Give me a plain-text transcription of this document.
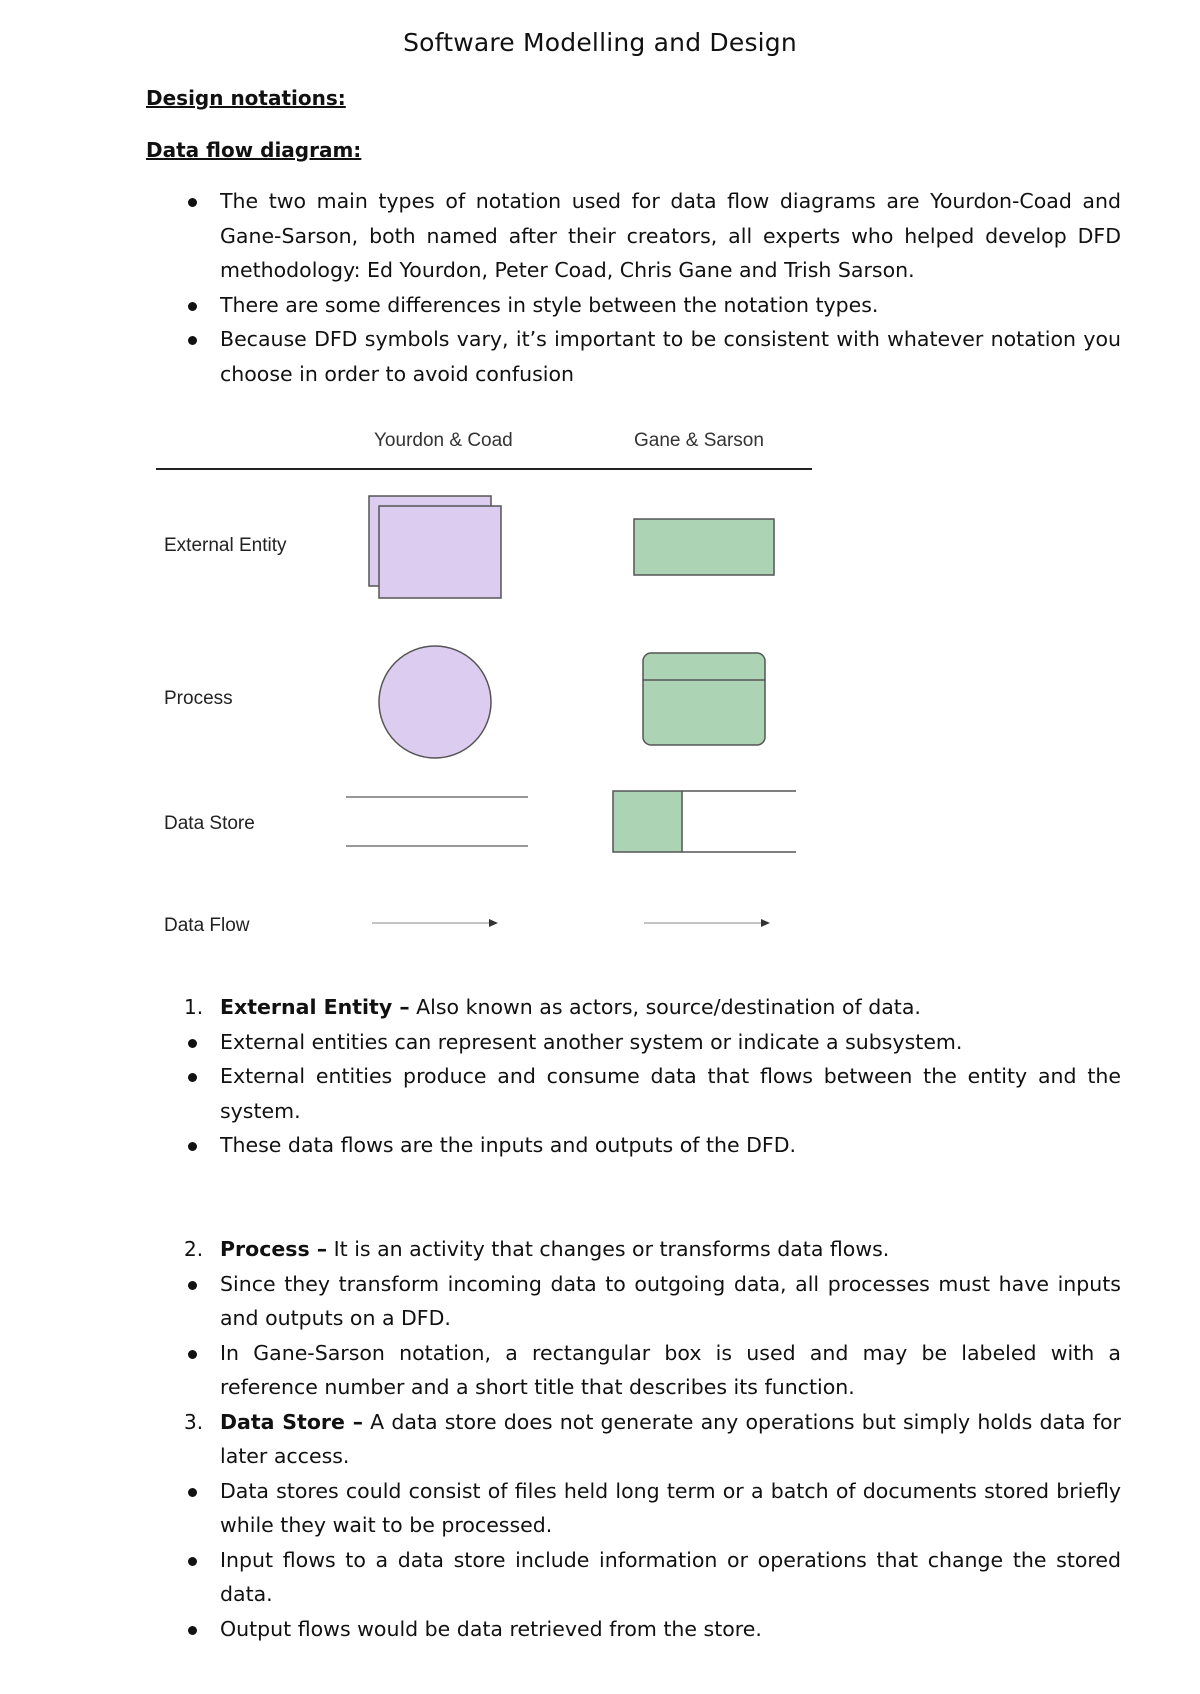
Software Modelling and Design
Design notations:
Data flow diagram:
The two main types of notation used for data flow diagrams are Yourdon-Coad and Gane-Sarson, both named after their creators, all experts who helped develop DFD methodology: Ed Yourdon, Peter Coad, Chris Gane and Trish Sarson.
There are some differences in style between the notation types.
Because DFD symbols vary, it’s important to be consistent with whatever notation you choose in order to avoid confusion
Yourdon & Coad	Gane & Sarson
External Entity
Process
Data Store
Data Flow
1. External Entity – Also known as actors, source/destination of data.
External entities can represent another system or indicate a subsystem.
External entities produce and consume data that flows between the entity and the system.
These data flows are the inputs and outputs of the DFD.
2. Process – It is an activity that changes or transforms data flows.
Since they transform incoming data to outgoing data, all processes must have inputs and outputs on a DFD.
In Gane-Sarson notation, a rectangular box is used and may be labeled with a reference number and a short title that describes its function.
3. Data Store – A data store does not generate any operations but simply holds data for later access.
Data stores could consist of files held long term or a batch of documents stored briefly while they wait to be processed.
Input flows to a data store include information or operations that change the stored data.
Output flows would be data retrieved from the store.
